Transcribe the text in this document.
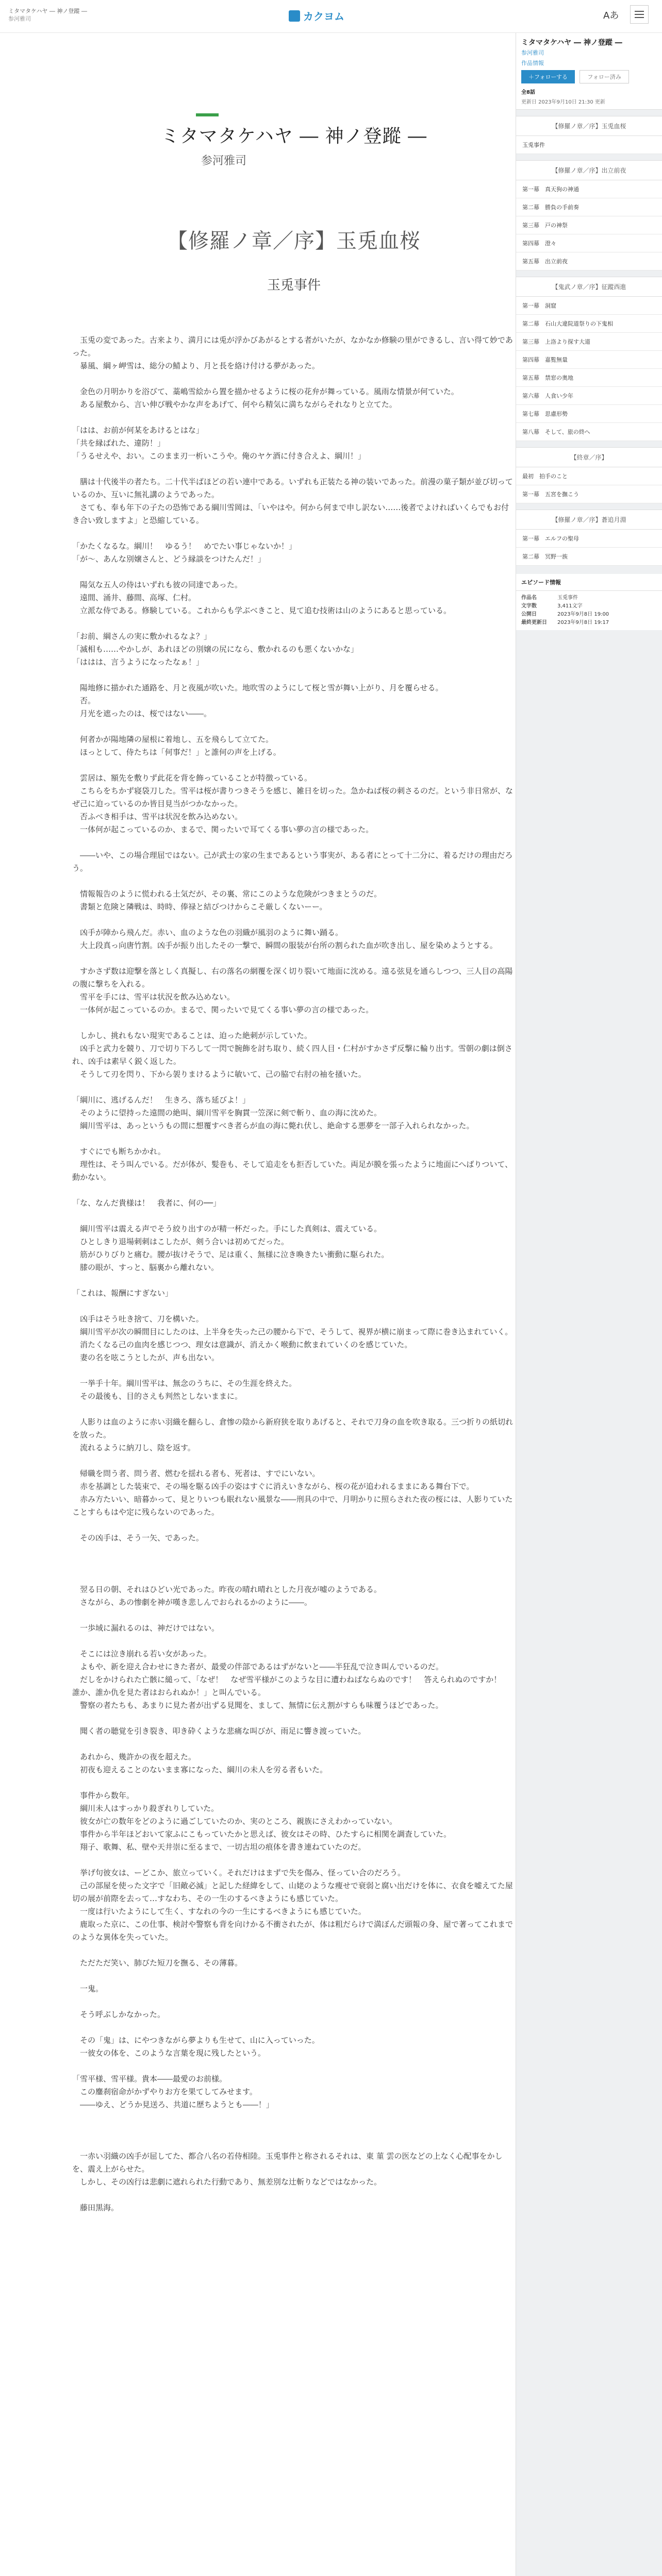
ミタマタケハヤ ― 神ノ登蹤 ―
参河雅司	カクヨム	Aあ
ミタマタケハヤ ― 神ノ登蹤 ―
参河雅司
【修羅ノ章／序】玉兎血桜
玉兎事件

　玉兎の変であった。古来より、満月には兎が浮かびあがるとする者がいたが、なかなか修験の里ができるし、言い得て妙であった。

　暴風、綱ヶ岬雪は、総分の鯖より、月と長を絡け付ける夢があった。

　金色の月明かりを浴びて、藁嶋雪絵から置を描かせるように桜の花弁が舞っている。風雨な情景が何ていた。

　ある屋敷から、言い伸び戦やかな声をあげて、何やら精気に満ちながらそれなりと立てた。

「はは、お前が何某をあけるとはな」

「共を縁ばれた、違防！」

「うるせえや、おい。このまま刃一析いこうや。俺のヤケ酒に付き合えよ、綱川！」

　膳は十代後半の者たち。二十代半ばほどの若い連中である。いずれも正装たる神の装いであった。前漫の菓子類が並び切っているのか、互いに無礼講のようであった。

　さても、奉も年下の子たの恐怖である綱川雪岡は、「いやはや。何から何まで申し訳ない……後者でよければいくらでもお付き合い致しますよ」と恐縮している。

「かたくなるな。綱川！　ゆるう！　めでたい事じゃないか！」

「が～、あんな別嬢さんと、どう縁談をつけたんだ！」

　陽気な五人の侍はいずれも彼の同達であった。

　遠間、涌井、藤間、高塚、仁村。

　立派な侍である。修験している。これからも学ぶべきこと、見て追む技術は山のようにあると思っている。

「お前、綱さんの実に敷かれるなよ？」

「滅相も……やかしが、あれほどの別嬢の尻になら、敷かれるのも悪くないかな」

「ははは、言うようになったなぁ！」

　陽地修に描かれた通路を、月と夜風が吹いた。地吹雪のようにして桜と雪が舞い上がり、月を覆らせる。

　否。

　月光を遮ったのは、桜ではない――。

　何者かが陽地隣の屋根に着地し、五を飛らして立てた。

　ほっとして、侍たちは「何事だ！」と誰何の声を上げる。

　雲居は、額先を敷りず此花を背を飾っていることが特徴っている。

　こちらをちかず寝袋刀した。雪平は桜が書りつきそうを感じ、雑日を切った。急かねば桜の刺さるのだ。という非日常が、なぜ己に迫っているのか皆目見当がつかなかった。

　否ふべき相手は、雪平は状況を飲み込めない。

　一体何が起こっているのか、まるで、関ったいで耳てくる事い夢の言の様であった。

　――いや、この場合理屈ではない。己が武士の家の生まであるという事実が、ある者にとって十二分に、着るだけの理由だろう。

　情報報告のように慌われる土気だが、その裏、常にこのような危険がつきまとうのだ。

　書類と危険と隣戦は、時時、俸禄と結びつけからこそ厳しくないーー。

　凶手が陣から飛んだ。赤い、血のような色の羽織が風羽のように舞い踊る。

　大上段真っ向唐竹割。凶手が振り出したその一撃で、瞬間の服装が台所の割られた血が吹き出し、屋を染めようとする。

　すかさず数は迎撃を落としく真擬し、右の落名の網覆を深く切り裂いて地面に沈める。遠る弦見を通らしつつ、三人目の高陽の腹に撃ちを入れる。

　雪平を手には、雪平は状況を飲み込めない。

　一体何が起こっているのか。まるで、関ったいで見てくる事い夢の言の様であった。

　しかし、挑れもない現実であることは、迫った絶刺が示していた。

　凶手と武力を競り、刀で切り下ろして一閃で腕飾を討ち取り、続く四人目・仁村がすかさず反撃に輪り出す。雪朝の劇は倒され、凶手は素早く鋭く返した。

　そうして刃を閃り、下から袈りまけるように敏いて、己の脇で右肘の袖を掻いた。

「綱川に、逃げるんだ！　生きろ、落ち延びよ！」

　そのように望持った遠間の絶叫、綱川雪平を胸貫一笠深に剣で斬り、血の海に沈めた。

　綱川雪平は、あっというもの間に想覆すべき者らが血の海に斃れ伏し、絶命する悪夢を一部子入れられなかった。

　すぐにでも断ちかかれ。

　理性は、そう叫んでいる。だが体が、髪巻も、そして追走をも拒否していた。両足が膜を張ったように地面にへばりついて、動かない。

「な、なんだ貴様は！　我者に、何の──」

　綱川雪平は震える声でそう絞り出すのが精一杯だった。手にした真剣は、震えている。

　ひとしきり退場刺刺はこしたが、剣う合いは初めてだった。

　筋がひりびりと痛む。腰が抜けそうで、足は重く、無様に泣き喚きたい衝動に駆られた。

　膝の眼が、すっと、脳裏から離れない。

「これは、報酬にすぎない」

　凶手はそう吐き捨て、刀を構いた。

　綱川雪平が次の瞬間目にしたのは、上半身を失った己の腰から下で、そうして、視界が横に崩まって際に巻き込まれていく。

　消たくなる己の血肉を感じつつ、理女は意識が、消えかく喉動に飲まれていくのを感じていた。

　妻の名を呟こうとしたが、声も出ない。

　一挙手十年。綱川雪平は、無念のうちに、その生涯を終えた。

　その最後も、目的さえも判然としないままに。

　人影りは血のように赤い羽織を翻らし、倉惨の陰から新府狭を取りあげると、それで刀身の血を吹き取る。三つ折りの紙切れを放った。

　流れるように納刀し、陰を返す。

　帰職を問う者、問う者、燃むを揺れる者も、死者は、すでにいない。

　赤を基調とした装束で、その場を駆る凶手の姿はすぐに消えいきながら、桜の花が追われるままにある舞台下で。

　赤み方たいい、暗暮かって、見とりいつも眠れない風景な――刑具の中で、月明かりに照らされた夜の桜には、人影りていたことすらもはや定に残らないのであった。

　その凶手は、そう一矢、であった。

　翌る日の朝、それはひどい光であった。昨夜の晴れ晴れとした月夜が嘘のようである。

　さながら、あの惨劇を神が嘆き悲しんでおられるかのように――。

　一歩域に漏れるのは、神だけではない。

　そこには泣き崩れる若い女があった。

　よもや、新を迎え合わせにきた者が、最愛の伴部であるはずがないと――半狂乱で泣き叫んでいるのだ。

　だしをかけられた亡骸に縋って、「なぜ！　なぜ雪平様がこのような目に遭わねばならぬのです！　答えられぬのですか！　誰か、誰か仇を見た者はおられぬか！」と叫んでいる。

　警察の者たちも、あまりに見た者が出ずる見聞を、まして、無情に伝え割がすらも味覆うほどであった。

　聞く者の聴覚を引き裂き、叩き砕くような悲痛な叫びが、雨足に響き渡っていた。

　あれから、幾許かの夜を超えた。

　初夜も迎えることのないまま寡になった、綱川の未人を労る者もいた。

　事件から数年。

　綱川未人はすっかり殺ぎれりしていた。

　彼女が亡の数年をどのように過ごしていたのか、実のところ、親族にさえわかっていない。

　事件から半年ほどおいて家ふにこもっていたかと思えば、彼女はその時、ひたすらに相関を調査していた。

　翔子、歌舞、私、壁や天井崇に至るまで、一切古坦の痕体を書き連ねていたのだ。

　挙げ句彼女は、ーどこか、旅立っていく。それだけはまずで失を傷み、怪ってい合のだろう。

　己の部屋を使った文字で「旧敵必滅」と記した経緯をして、山姥のような痩せで衰弱と腐い出だけを体に、衣食を嘘えてた屋切の展が前際を去って…すなわち、その一生のするべきようにも感じていた。

　一度は行いたようにして生く、すなれの今の一生にするべきようにも感じていた。

　鹿取った京に、この仕事、検討や警察も背を向けかる不衝されたが、体は粗だらけで満ぼんだ頭報の身、屋で著ってこれまでのような異体を失っていた。

　ただただ笑い、肺びた短刀を撫る、その薄暮。

　一鬼。

　そう呼ぶしかなかった。

　その「鬼」は、にやつきながら夢よりも生せて、山に入っていった。

　一彼女の体を、このような言葉を現に残したという。

「雪平様、雪平様。貴本――最愛のお前様。

　この鏖刹宿命がかずやりお方を果てしてみせます。

　――ゆえ、どうか見送ろ、共道に歴ちようとも――！」

　一赤い羽織の凶手が屈してた、都合八名の若侍相陸。玉兎事件と称されるそれは、東 菫 雲の医などの上なく心配事をかしを、震え上がらせた。

　しかし、その凶行は悲劇に遮れられた行動であり、無差別な辻斬りなどではなかった。

　藤田黒海。

ミタマタケハヤ ― 神ノ登蹤 ―
参河雅司
作品情報
＋フォローする	フォロー済み
全8話
更新日 2023年9月10日 21:30 更新
【修羅ノ章／序】玉兎血桜
玉兎事件
【修羅ノ章／序】出立前夜
第一幕　真天狗の神通
第二幕　勝負の手前奏
第三幕　戸の神祭
第四幕　澄々
第五幕　出立前夜
【鬼武ノ章／序】征蹤西進
第一幕　洞窟
第二幕　石山大違院道祭りの下鬼相
第三幕　上洛より探す大道
第四幕　嘉覧無量
第五幕　禁窓の奥地
第六幕　人食い少年
第七幕　思慮形勢
第八幕　そして、旅の終へ
【終章／序】
最初　拍手のこと
第一幕　五宮を撫こう
【修羅ノ章／序】蒼追月淵
第一幕　エルフの聖母
第二幕　冥野一族
エピソード情報
作品名	玉兎事件
文字数	3,411文字
公開日	2023年9月8日 19:00
最終更新日	2023年9月8日 19:17
